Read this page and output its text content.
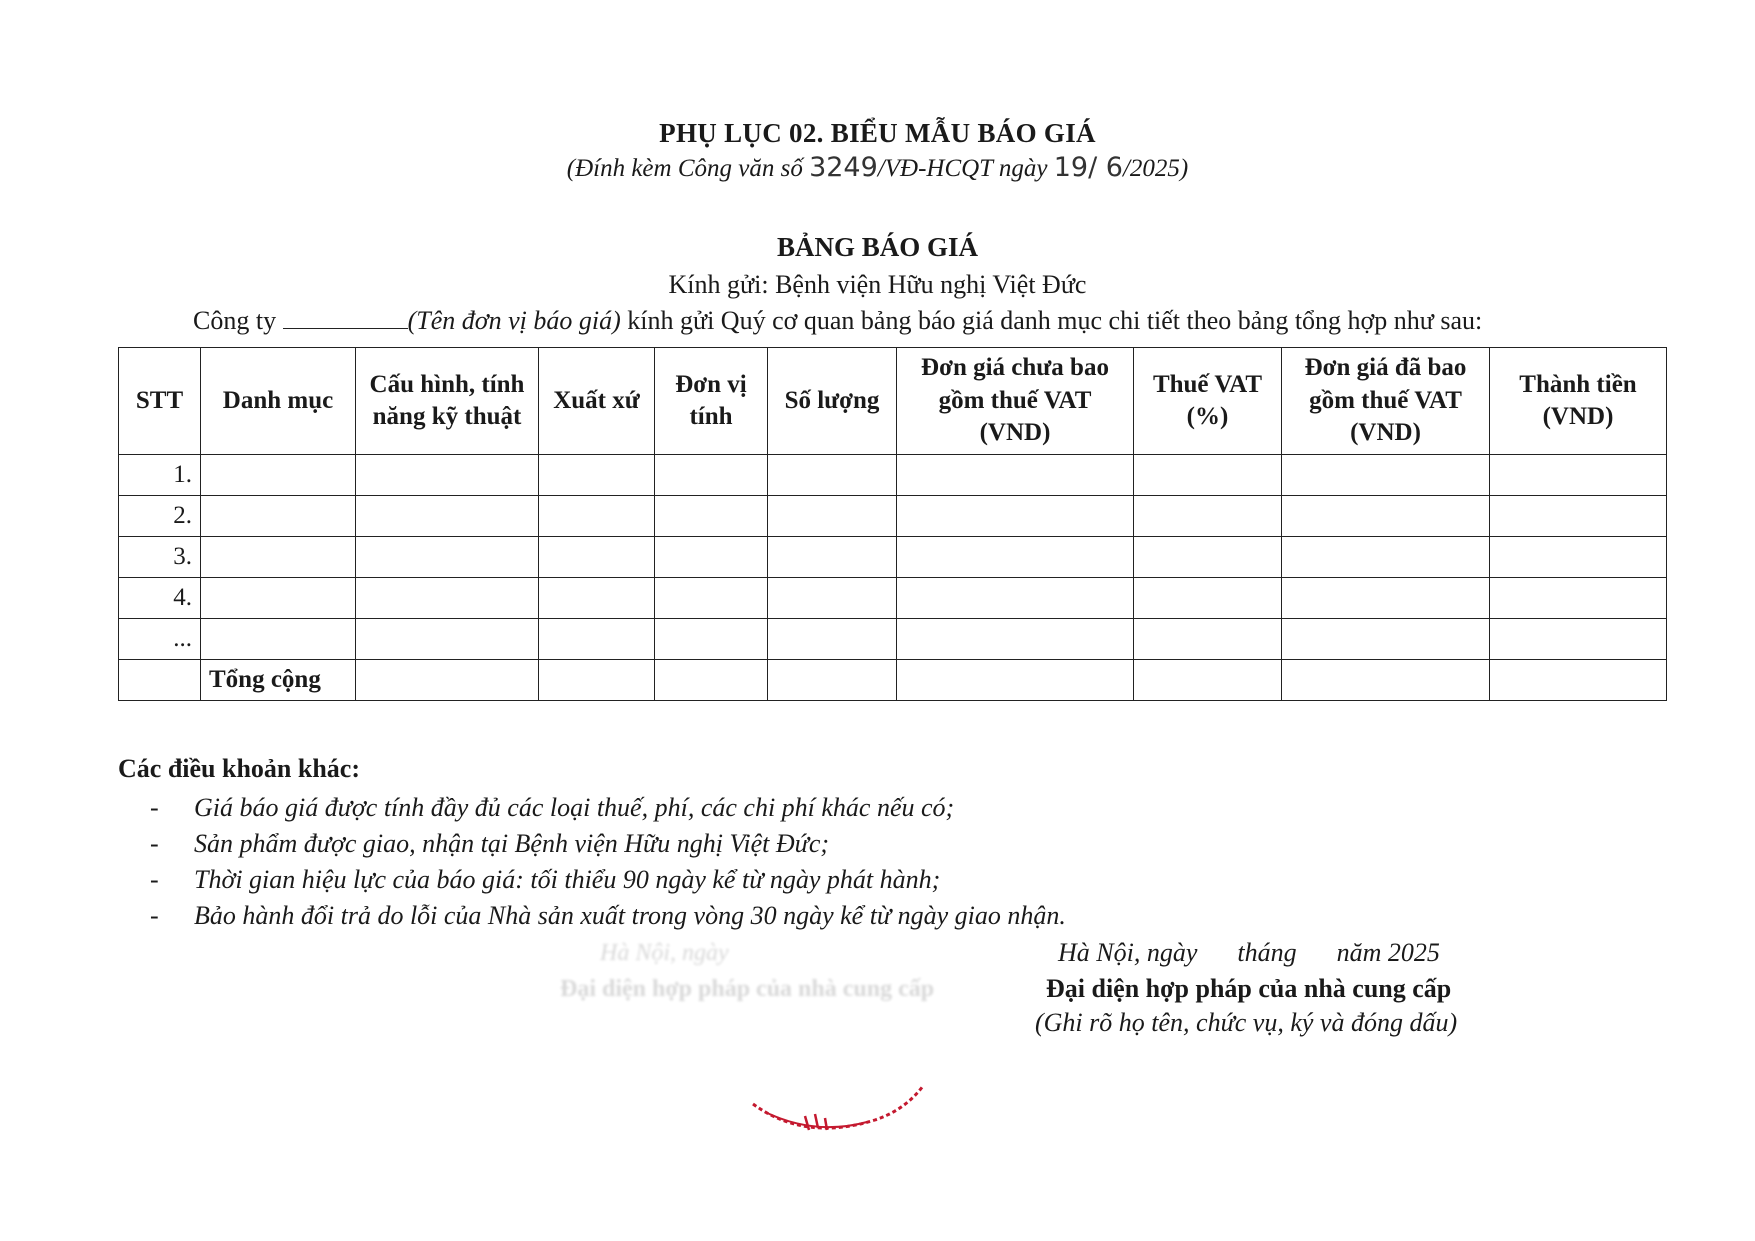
PHỤ LỤC 02. BIỂU MẪU BÁO GIÁ
(Đính kèm Công văn số 3249/VĐ-HCQT ngày 19/ 6/2025)
BẢNG BÁO GIÁ
Kính gửi: Bệnh viện Hữu nghị Việt Đức
Công ty	(Tên đơn vị báo giá) kính gửi Quý cơ quan bảng báo giá danh mục chi tiết theo bảng tổng hợp như sau:
STT	Danh mục	Cấu hình, tính năng kỹ thuật	Xuất xứ	Đơn vị tính	Số lượng	Đơn giá chưa bao gồm thuế VAT (VND)	Thuế VAT (%)	Đơn giá đã bao gồm thuế VAT (VND)	Thành tiền (VND)
1.									
2.									
3.									
4.									
...									
	Tổng cộng								
Các điều khoản khác:
- Giá báo giá được tính đầy đủ các loại thuế, phí, các chi phí khác nếu có;
- Sản phẩm được giao, nhận tại Bệnh viện Hữu nghị Việt Đức;
- Thời gian hiệu lực của báo giá: tối thiểu 90 ngày kể từ ngày phát hành;
- Bảo hành đổi trả do lỗi của Nhà sản xuất trong vòng 30 ngày kể từ ngày giao nhận.
Hà Nội, ngày tháng năm 2025
Đại diện hợp pháp của nhà cung cấp
(Ghi rõ họ tên, chức vụ, ký và đóng dấu)
Hà Nội, ngày
Đại diện hợp pháp của nhà cung cấp
